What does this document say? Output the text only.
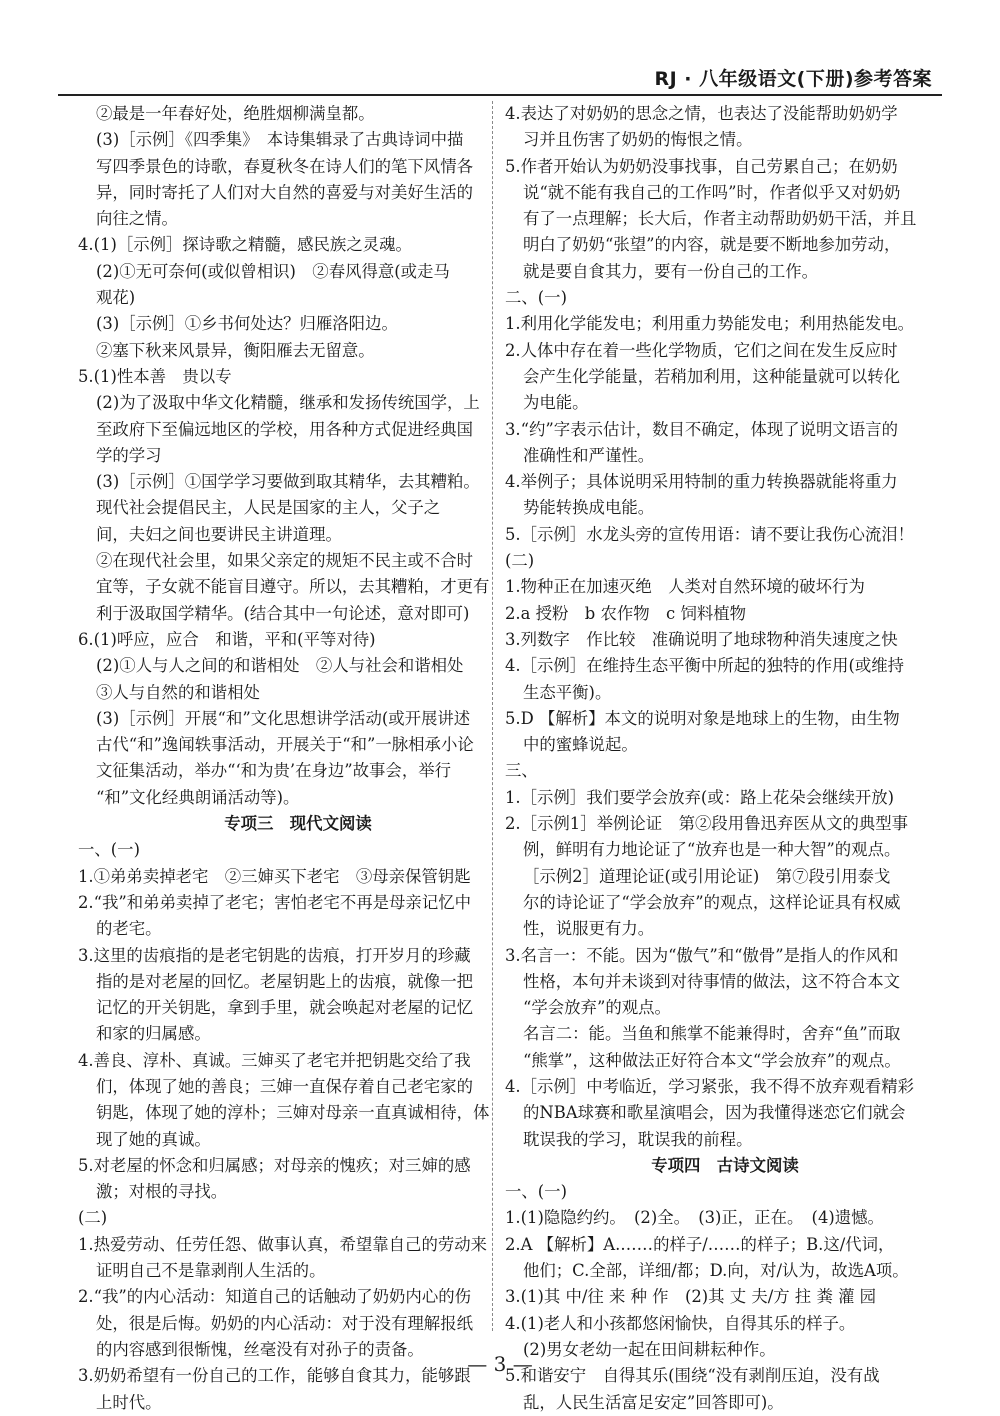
RJ · 八年级语文(下册)参考答案
②最是一年春好处，绝胜烟柳满皇都。
(3)［示例］《四季集》　本诗集辑录了古典诗词中描
写四季景色的诗歌，春夏秋冬在诗人们的笔下风情各
异，同时寄托了人们对大自然的喜爱与对美好生活的
向往之情。
4.(1)［示例］探诗歌之精髓，感民族之灵魂。
(2)①无可奈何(或似曾相识)　②春风得意(或走马
观花)
(3)［示例］①乡书何处达？归雁洛阳边。
②塞下秋来风景异，衡阳雁去无留意。
5.(1)性本善　贵以专
(2)为了汲取中华文化精髓，继承和发扬传统国学，上
至政府下至偏远地区的学校，用各种方式促进经典国
学的学习
(3)［示例］①国学学习要做到取其精华，去其糟粕。
现代社会提倡民主，人民是国家的主人，父子之
间，夫妇之间也要讲民主讲道理。
②在现代社会里，如果父亲定的规矩不民主或不合时
宜等，子女就不能盲目遵守。所以，去其糟粕，才更有
利于汲取国学精华。(结合其中一句论述，意对即可)
6.(1)呼应，应合　和谐，平和(平等对待)
(2)①人与人之间的和谐相处　②人与社会和谐相处
③人与自然的和谐相处
(3)［示例］开展“和”文化思想讲学活动(或开展讲述
古代“和”逸闻轶事活动，开展关于“和”一脉相承小论
文征集活动，举办“‘和为贵’在身边”故事会，举行
“和”文化经典朗诵活动等)。
专项三　现代文阅读
一、(一)
1.①弟弟卖掉老宅　②三婶买下老宅　③母亲保管钥匙
2.“我”和弟弟卖掉了老宅；害怕老宅不再是母亲记忆中
的老宅。
3.这里的齿痕指的是老宅钥匙的齿痕，打开岁月的珍藏
指的是对老屋的回忆。老屋钥匙上的齿痕，就像一把
记忆的开关钥匙，拿到手里，就会唤起对老屋的记忆
和家的归属感。
4.善良、淳朴、真诚。三婶买了老宅并把钥匙交给了我
们，体现了她的善良；三婶一直保存着自己老宅家的
钥匙，体现了她的淳朴；三婶对母亲一直真诚相待，体
现了她的真诚。
5.对老屋的怀念和归属感；对母亲的愧疚；对三婶的感
激；对根的寻找。
(二)
1.热爱劳动、任劳任怨、做事认真，希望靠自己的劳动来
证明自己不是靠剥削人生活的。
2.“我”的内心活动：知道自己的话触动了奶奶内心的伤
处，很是后悔。奶奶的内心活动：对于没有理解报纸
的内容感到很惭愧，丝毫没有对孙子的责备。
3.奶奶希望有一份自己的工作，能够自食其力，能够跟
上时代。
4.表达了对奶奶的思念之情，也表达了没能帮助奶奶学
习并且伤害了奶奶的悔恨之情。
5.作者开始认为奶奶没事找事，自己劳累自己；在奶奶
说“就不能有我自己的工作吗”时，作者似乎又对奶奶
有了一点理解；长大后，作者主动帮助奶奶干活，并且
明白了奶奶“张望”的内容，就是要不断地参加劳动，
就是要自食其力，要有一份自己的工作。
二、(一)
1.利用化学能发电；利用重力势能发电；利用热能发电。
2.人体中存在着一些化学物质，它们之间在发生反应时
会产生化学能量，若稍加利用，这种能量就可以转化
为电能。
3.“约”字表示估计，数目不确定，体现了说明文语言的
准确性和严谨性。
4.举例子；具体说明采用特制的重力转换器就能将重力
势能转换成电能。
5.［示例］水龙头旁的宣传用语：请不要让我伤心流泪！
(二)
1.物种正在加速灭绝　人类对自然环境的破坏行为
2.a 授粉　b 农作物　c 饲料植物
3.列数字　作比较　准确说明了地球物种消失速度之快
4.［示例］在维持生态平衡中所起的独特的作用(或维持
生态平衡)。
5.D 【解析】本文的说明对象是地球上的生物，由生物
中的蜜蜂说起。
三、
1.［示例］我们要学会放弃(或：路上花朵会继续开放)
2.［示例1］举例论证　第②段用鲁迅弃医从文的典型事
例，鲜明有力地论证了“放弃也是一种大智”的观点。
［示例2］道理论证(或引用论证)　第⑦段引用泰戈
尔的诗论证了“学会放弃”的观点，这样论证具有权威
性，说服更有力。
3.名言一：不能。因为“傲气”和“傲骨”是指人的作风和
性格，本句并未谈到对待事情的做法，这不符合本文
“学会放弃”的观点。
名言二：能。当鱼和熊掌不能兼得时，舍弃“鱼”而取
“熊掌”，这种做法正好符合本文“学会放弃”的观点。
4.［示例］中考临近，学习紧张，我不得不放弃观看精彩
的NBA球赛和歌星演唱会，因为我懂得迷恋它们就会
耽误我的学习，耽误我的前程。
专项四　古诗文阅读
一、(一)
1.(1)隐隐约约。　(2)全。　(3)正，正在。　(4)遗憾。
2.A 【解析】A.……的样子/……的样子；B.这/代词，
他们；C.全部，详细/都；D.向，对/认为，故选A项。
3.(1)其 中/往 来 种 作　(2)其 丈 夫/方 拄 粪 灌 园
4.(1)老人和小孩都悠闲愉快，自得其乐的样子。
(2)男女老幼一起在田间耕耘种作。
5.和谐安宁　自得其乐(围绕“没有剥削压迫，没有战
乱，人民生活富足安定”回答即可)。
— 3 —
